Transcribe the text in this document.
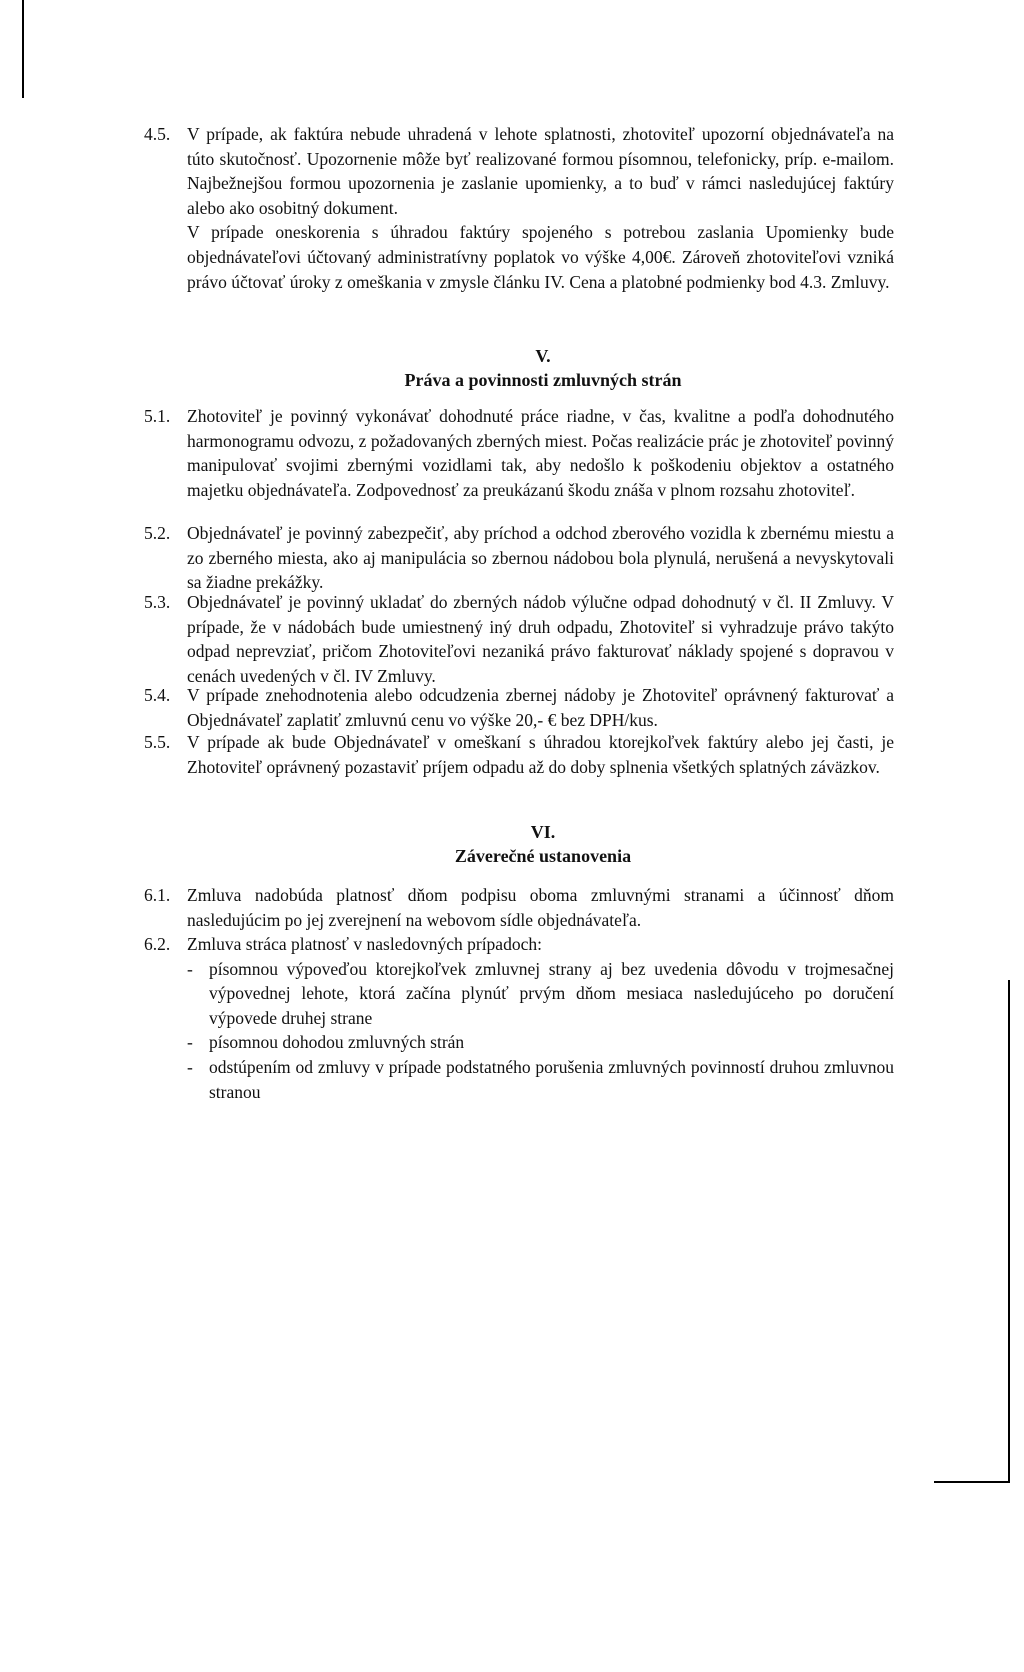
4.5. V prípade, ak faktúra nebude uhradená v lehote splatnosti, zhotoviteľ upozorní objednávateľa na túto skutočnosť. Upozornenie môže byť realizované formou písomnou, telefonicky, príp. e-mailom. Najbežnejšou formou upozornenia je zaslanie upomienky, a to buď v rámci nasledujúcej faktúry alebo ako osobitný dokument.
V prípade oneskorenia s úhradou faktúry spojeného s potrebou zaslania Upomienky bude objednávateľovi účtovaný administratívny poplatok vo výške 4,00€. Zároveň zhotoviteľovi vzniká právo účtovať úroky z omeškania v zmysle článku IV. Cena a platobné podmienky bod 4.3. Zmluvy.
V.
Práva a povinnosti zmluvných strán
5.1. Zhotoviteľ je povinný vykonávať dohodnuté práce riadne, v čas, kvalitne a podľa dohodnutého harmonogramu odvozu, z požadovaných zberných miest. Počas realizácie prác je zhotoviteľ povinný manipulovať svojimi zbernými vozidlami tak, aby nedošlo k poškodeniu objektov a ostatného majetku objednávateľa. Zodpovednosť za preukázanú škodu znáša v plnom rozsahu zhotoviteľ.
5.2. Objednávateľ je povinný zabezpečiť, aby príchod a odchod zberového vozidla k zbernému miestu a zo zberného miesta, ako aj manipulácia so zbernou nádobou bola plynulá, nerušená a nevyskytovali sa žiadne prekážky.
5.3. Objednávateľ je povinný ukladať do zberných nádob výlučne odpad dohodnutý v čl. II Zmluvy. V prípade, že v nádobách bude umiestnený iný druh odpadu, Zhotoviteľ si vyhradzuje právo takýto odpad neprevziať, pričom Zhotoviteľovi nezaniká právo fakturovať náklady spojené s dopravou v cenách uvedených v čl. IV Zmluvy.
5.4. V prípade znehodnotenia alebo odcudzenia zbernej nádoby je Zhotoviteľ oprávnený fakturovať a Objednávateľ zaplatiť zmluvnú cenu vo výške 20,- € bez DPH/kus.
5.5. V prípade ak bude Objednávateľ v omeškaní s úhradou ktorejkoľvek faktúry alebo jej časti, je Zhotoviteľ oprávnený pozastaviť príjem odpadu až do doby splnenia všetkých splatných záväzkov.
VI.
Záverečné ustanovenia
6.1. Zmluva nadobúda platnosť dňom podpisu oboma zmluvnými stranami a účinnosť dňom nasledujúcim po jej zverejnení na webovom sídle objednávateľa.
6.2. Zmluva stráca platnosť v nasledovných prípadoch:
- písomnou výpoveďou ktorejkoľvek zmluvnej strany aj bez uvedenia dôvodu v trojmesačnej výpovednej lehote, ktorá začína plynúť prvým dňom mesiaca nasledujúceho po doručení výpovede druhej strane
- písomnou dohodou zmluvných strán
- odstúpením od zmluvy v prípade podstatného porušenia zmluvných povinností druhou zmluvnou stranou
